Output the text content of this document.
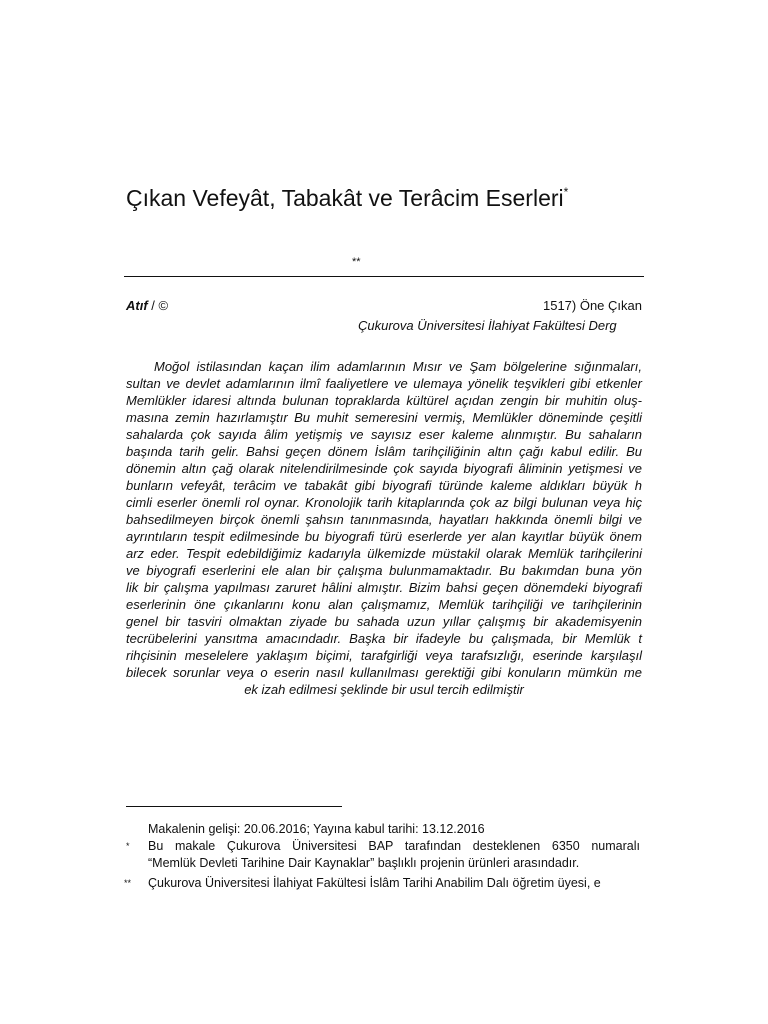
Çıkan Vefeyât, Tabakât ve Terâcim Eserleri*
**
Atıf / ©	1517) Öne Çıkan
Çukurova Üniversitesi İlahiyat Fakültesi Derg
Moğol istilasından kaçan ilim adamlarının Mısır ve Şam bölgelerine sığınmaları,
sultan ve devlet adamlarının ilmî faaliyetlere ve ulemaya yönelik teşvikleri gibi etkenler
Memlükler idaresi altında bulunan topraklarda kültürel açıdan zengin bir muhitin oluş-
masına zemin hazırlamıştır Bu muhit semeresini vermiş, Memlükler döneminde çeşitli
sahalarda çok sayıda âlim yetişmiş ve sayısız eser kaleme alınmıştır. Bu sahaların
başında tarih gelir. Bahsi geçen dönem İslâm tarihçiliğinin altın çağı kabul edilir. Bu
dönemin altın çağ olarak nitelendirilmesinde çok sayıda biyografi âliminin yetişmesi ve
bunların vefeyât, terâcim ve tabakât gibi biyografi türünde kaleme aldıkları büyük h
cimli eserler önemli rol oynar. Kronolojik tarih kitaplarında çok az bilgi bulunan veya hiç
bahsedilmeyen birçok önemli şahsın tanınmasında, hayatları hakkında önemli bilgi ve
ayrıntıların tespit edilmesinde bu biyografi türü eserlerde yer alan kayıtlar büyük önem
arz eder. Tespit edebildiğimiz kadarıyla ülkemizde müstakil olarak Memlük tarihçilerini
ve biyografi eserlerini ele alan bir çalışma bulunmamaktadır. Bu bakımdan buna yön
lik bir çalışma yapılması zaruret hâlini almıştır. Bizim bahsi geçen dönemdeki biyografi
eserlerinin öne çıkanlarını konu alan çalışmamız, Memlük tarihçiliği ve tarihçilerinin
genel bir tasviri olmaktan ziyade bu sahada uzun yıllar çalışmış bir akademisyenin
tecrübelerini yansıtma amacındadır. Başka bir ifadeyle bu çalışmada, bir Memlük t
rihçisinin meselelere yaklaşım biçimi, tarafgirliği veya tarafsızlığı, eserinde karşılaşıl
bilecek sorunlar veya o eserin nasıl kullanılması gerektiği gibi konuların mümkün me
ek izah edilmesi şeklinde bir usul tercih edilmiştir
Makalenin gelişi: 20.06.2016; Yayına kabul tarihi: 13.12.2016
* Bu makale Çukurova Üniversitesi BAP tarafından desteklenen 6350 numaralı
“Memlük Devleti Tarihine Dair Kaynaklar” başlıklı projenin ürünleri arasındadır.
** Çukurova Üniversitesi İlahiyat Fakültesi İslâm Tarihi Anabilim Dalı öğretim üyesi, e
